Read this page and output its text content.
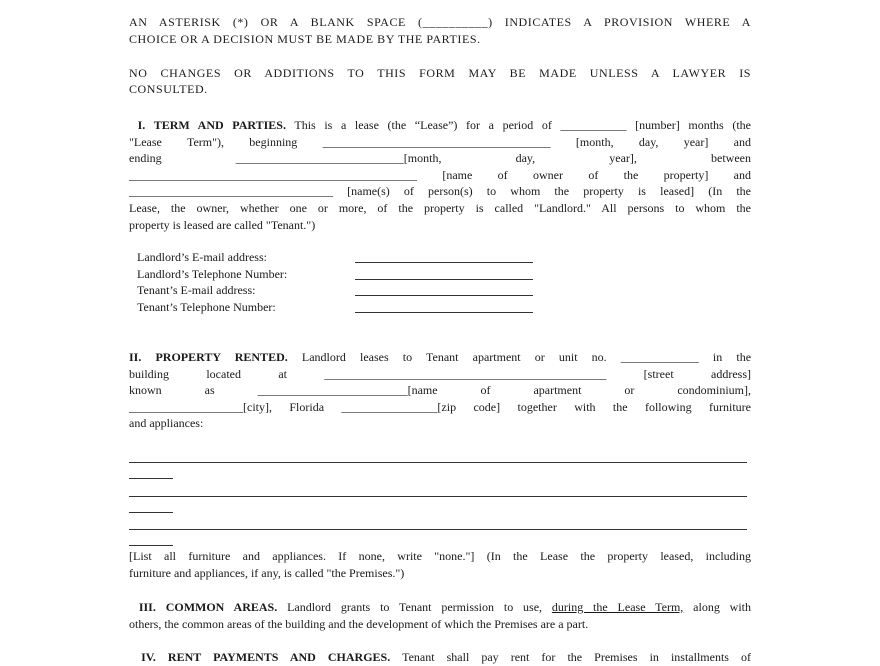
AN ASTERISK (*) OR A BLANK SPACE (__________) INDICATES A PROVISION WHERE A

CHOICE OR A DECISION MUST BE MADE BY THE PARTIES.

NO CHANGES OR ADDITIONS TO THIS FORM MAY BE MADE UNLESS A LAWYER IS

CONSULTED.

I. TERM AND PARTIES. This is a lease (the “Lease”) for a period of ___________ [number] months (the
"Lease Term"), beginning ______________________________________ [month, day, year] and
ending ____________________________[month, day, year], between
________________________________________________ [name of owner of the property] and
__________________________________ [name(s) of person(s) to whom the property is leased] (In the
Lease, the owner, whether one or more, of the property is called "Landlord." All persons to whom the
property is leased are called "Tenant.")
Landlord’s E-mail address:
Landlord’s Telephone Number:
Tenant’s E-mail address:
Tenant’s Telephone Number:
II. PROPERTY RENTED. Landlord leases to Tenant apartment or unit no. _____________ in the
building located at _______________________________________________ [street address]
known as _________________________[name of apartment or condominium],
___________________[city], Florida ________________[zip code] together with the following furniture
and appliances:
[List all furniture and appliances. If none, write "none."] (In the Lease the property leased, including
furniture and appliances, if any, is called "the Premises.")
III. COMMON AREAS. Landlord grants to Tenant permission to use, during the Lease Term, along with
others, the common areas of the building and the development of which the Premises are a part.
IV. RENT PAYMENTS AND CHARGES. Tenant shall pay rent for the Premises in installments of
